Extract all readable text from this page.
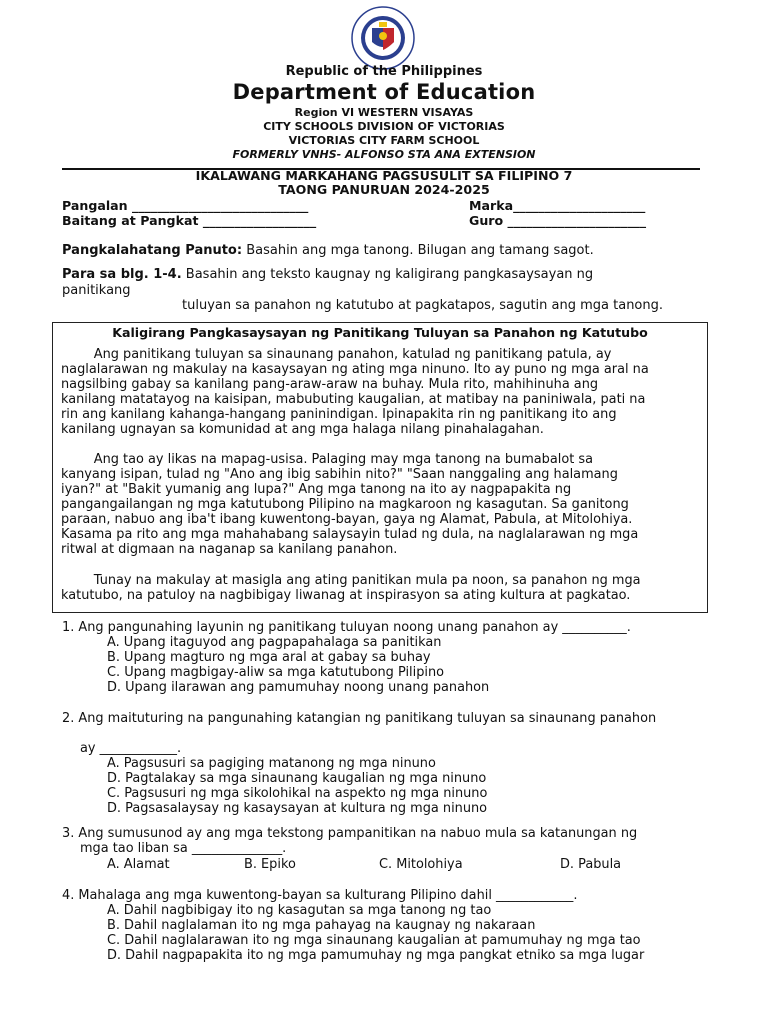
Republic of the Philippines
Department of Education
Region VI WESTERN VISAYAS
CITY SCHOOLS DIVISION OF VICTORIAS
VICTORIAS CITY FARM SCHOOL
FORMERLY VNHS- ALFONSO STA ANA EXTENSION
IKALAWANG MARKAHANG PAGSUSULIT SA FILIPINO 7
TAONG PANURUAN 2024-2025
Pangalan ____________________________
Baitang at Pangkat __________________
Marka_____________________
Guro ______________________
Pangkalahatang Panuto: Basahin ang mga tanong. Bilugan ang tamang sagot.
Para sa blg. 1-4. Basahin ang teksto kaugnay ng kaligirang pangkasaysayan ng
panitikang
tuluyan sa panahon ng katutubo at pagkatapos, sagutin ang mga tanong.
Kaligirang Pangkasaysayan ng Panitikang Tuluyan sa Panahon ng Katutubo
Ang panitikang tuluyan sa sinaunang panahon, katulad ng panitikang patula, ay
naglalarawan ng makulay na kasaysayan ng ating mga ninuno. Ito ay puno ng mga aral na
nagsilbing gabay sa kanilang pang-araw-araw na buhay. Mula rito, mahihinuha ang
kanilang matatayog na kaisipan, mabubuting kaugalian, at matibay na paniniwala, pati na
rin ang kanilang kahanga-hangang paninindigan. Ipinapakita rin ng panitikang ito ang
kanilang ugnayan sa komunidad at ang mga halaga nilang pinahalagahan.
Ang tao ay likas na mapag-usisa. Palaging may mga tanong na bumabalot sa
kanyang isipan, tulad ng "Ano ang ibig sabihin nito?" "Saan nanggaling ang halamang
iyan?" at "Bakit yumanig ang lupa?" Ang mga tanong na ito ay nagpapakita ng
pangangailangan ng mga katutubong Pilipino na magkaroon ng kasagutan. Sa ganitong
paraan, nabuo ang iba't ibang kuwentong-bayan, gaya ng Alamat, Pabula, at Mitolohiya.
Kasama pa rito ang mga mahahabang salaysayin tulad ng dula, na naglalarawan ng mga
ritwal at digmaan na naganap sa kanilang panahon.
Tunay na makulay at masigla ang ating panitikan mula pa noon, sa panahon ng mga
katutubo, na patuloy na nagbibigay liwanag at inspirasyon sa ating kultura at pagkatao.
1. Ang pangunahing layunin ng panitikang tuluyan noong unang panahon ay __________.
A. Upang itaguyod ang pagpapahalaga sa panitikan
B. Upang magturo ng mga aral at gabay sa buhay
C. Upang magbigay-aliw sa mga katutubong Pilipino
D. Upang ilarawan ang pamumuhay noong unang panahon
2. Ang maituturing na pangunahing katangian ng panitikang tuluyan sa sinaunang panahon
ay ____________.
A. Pagsusuri sa pagiging matanong ng mga ninuno
D. Pagtalakay sa mga sinaunang kaugalian ng mga ninuno
C. Pagsusuri ng mga sikolohikal na aspekto ng mga ninuno
D. Pagsasalaysay ng kasaysayan at kultura ng mga ninuno
3. Ang sumusunod ay ang mga tekstong pampanitikan na nabuo mula sa katanungan ng
mga tao liban sa ______________.
A. Alamat	B. Epiko	C. Mitolohiya	D. Pabula
4. Mahalaga ang mga kuwentong-bayan sa kulturang Pilipino dahil ____________.
A. Dahil nagbibigay ito ng kasagutan sa mga tanong ng tao
B. Dahil naglalaman ito ng mga pahayag na kaugnay ng nakaraan
C. Dahil naglalarawan ito ng mga sinaunang kaugalian at pamumuhay ng mga tao
D. Dahil nagpapakita ito ng mga pamumuhay ng mga pangkat etniko sa mga lugar
